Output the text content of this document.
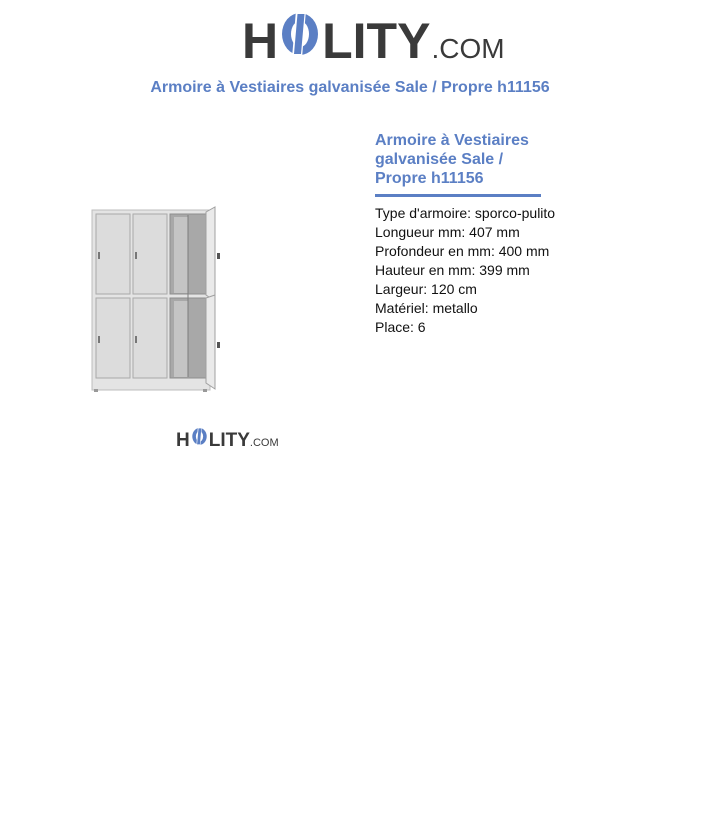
H LITY .COM
Armoire à Vestiaires galvanisée Sale / Propre h11156
H LITY .COM
Armoire à Vestiaires
galvanisée Sale /
Propre h11156
Type d'armoire: sporco-pulito
Longueur mm: 407 mm
Profondeur en mm: 400 mm
Hauteur en mm: 399 mm
Largeur: 120 cm
Matériel: metallo
Place: 6
